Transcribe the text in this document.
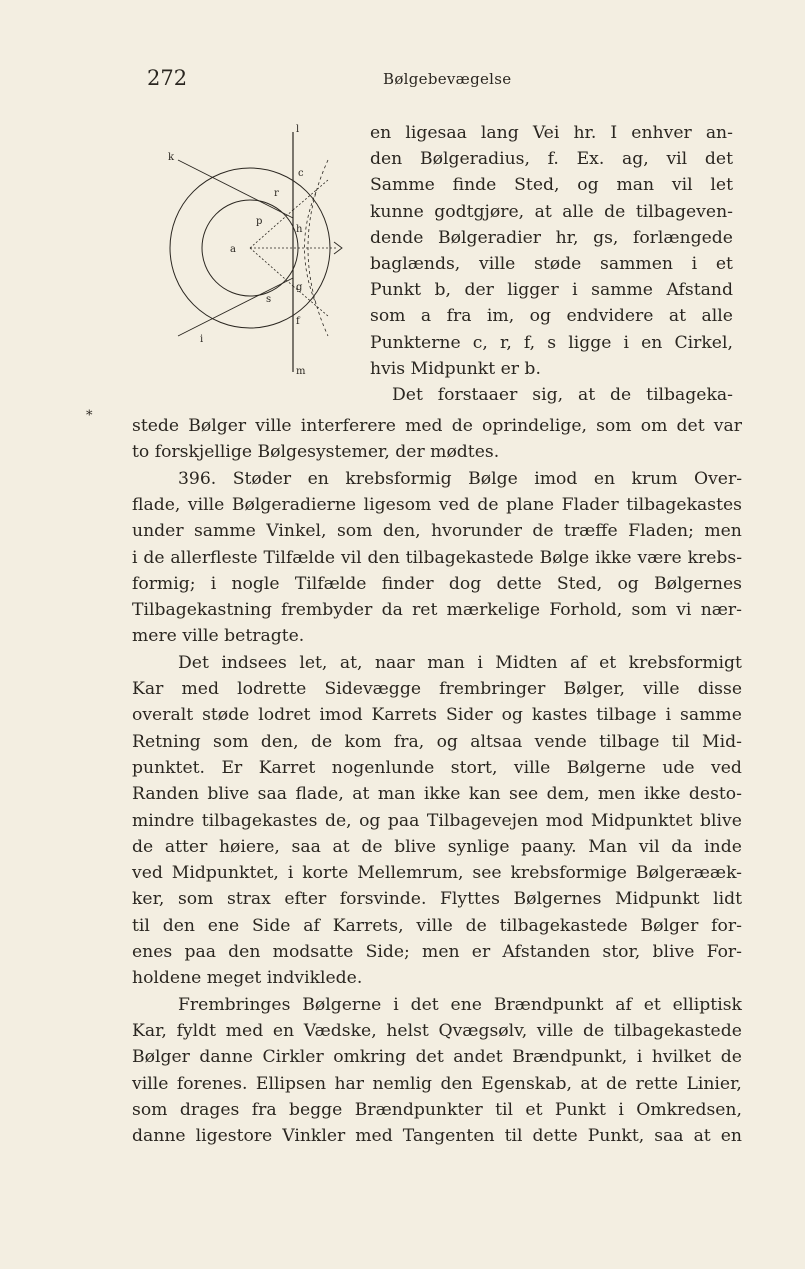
272	Bølgebevægelse
k
l
c
r
h
p
a
g
s
f
i
m
⁎
en ligesaa lang Vei hr. I enhver an-
den Bølgeradius, f. Ex. ag, vil det
Samme finde Sted, og man vil let
kunne godtgjøre, at alle de tilbageven-
dende Bølgeradier hr, gs, forlængede
baglænds, ville støde sammen i et
Punkt b, der ligger i samme Afstand
som a fra im, og endvidere at alle
Punkterne c, r, f, s ligge i en Cirkel,
hvis Midpunkt er b.
Det forstaaer sig, at de tilbageka-
stede Bølger ville interferere med de oprindelige, som om det var
to forskjellige Bølgesystemer, der mødtes.
396. Støder en krebsformig Bølge imod en krum Over-
flade, ville Bølgeradierne ligesom ved de plane Flader tilbagekastes
under samme Vinkel, som den, hvorunder de træffe Fladen; men
i de allerfleste Tilfælde vil den tilbagekastede Bølge ikke være krebs-
formig; i nogle Tilfælde finder dog dette Sted, og Bølgernes
Tilbagekastning frembyder da ret mærkelige Forhold, som vi nær-
mere ville betragte.
Det indsees let, at, naar man i Midten af et krebsformigt
Kar med lodrette Sidevægge frembringer Bølger, ville disse
overalt støde lodret imod Karrets Sider og kastes tilbage i samme
Retning som den, de kom fra, og altsaa vende tilbage til Mid-
punktet. Er Karret nogenlunde stort, ville Bølgerne ude ved
Randen blive saa flade, at man ikke kan see dem, men ikke desto-
mindre tilbagekastes de, og paa Tilbagevejen mod Midpunktet blive
de atter høiere, saa at de blive synlige paany. Man vil da inde
ved Midpunktet, i korte Mellemrum, see krebsformige Bølgerææk-
ker, som strax efter forsvinde. Flyttes Bølgernes Midpunkt lidt
til den ene Side af Karrets, ville de tilbagekastede Bølger for-
enes paa den modsatte Side; men er Afstanden stor, blive For-
holdene meget indviklede.
Frembringes Bølgerne i det ene Brændpunkt af et elliptisk
Kar, fyldt med en Vædske, helst Qvægsølv, ville de tilbagekastede
Bølger danne Cirkler omkring det andet Brændpunkt, i hvilket de
ville forenes. Ellipsen har nemlig den Egenskab, at de rette Linier,
som drages fra begge Brændpunkter til et Punkt i Omkredsen,
danne ligestore Vinkler med Tangenten til dette Punkt, saa at en
